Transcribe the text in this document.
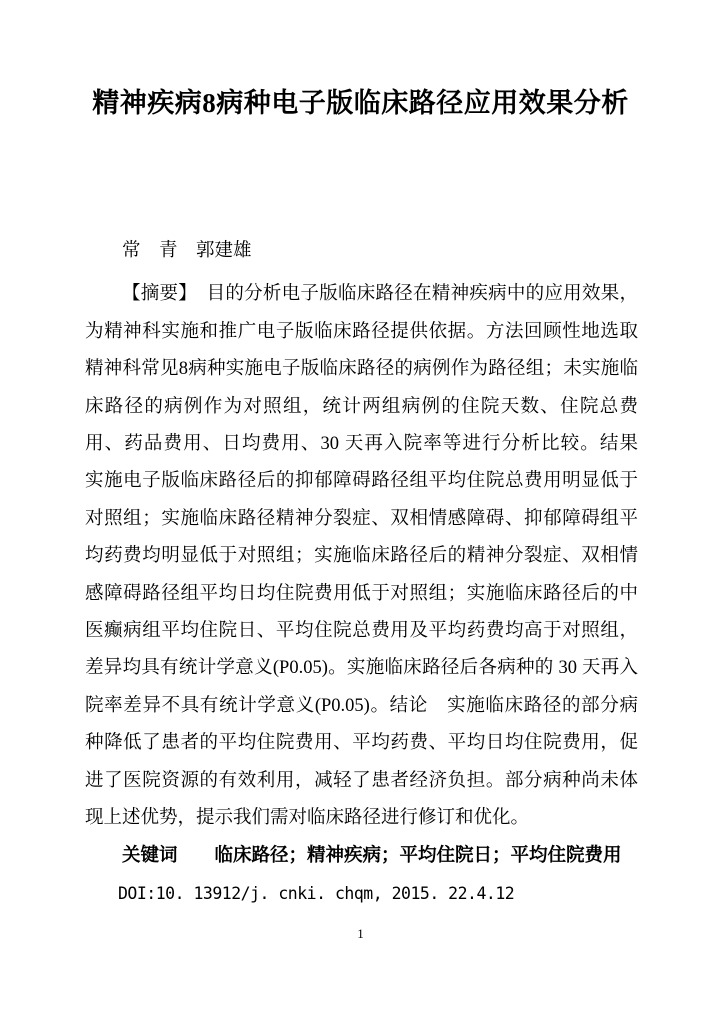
精神疾病8病种电子版临床路径应用效果分析

常　青　郭建雄

【摘要】　目的分析电子版临床路径在精神疾病中的应用效果，为精神科实施和推广电子版临床路径提供依据。方法回顾性地选取精神科常见8病种实施电子版临床路径的病例作为路径组；未实施临床路径的病例作为对照组，统计两组病例的住院天数、住院总费用、药品费用、日均费用、30 天再入院率等进行分析比较。结果　实施电子版临床路径后的抑郁障碍路径组平均住院总费用明显低于对照组；实施临床路径精神分裂症、双相情感障碍、抑郁障碍组平均药费均明显低于对照组；实施临床路径后的精神分裂症、双相情感障碍路径组平均日均住院费用低于对照组；实施临床路径后的中医癫病组平均住院日、平均住院总费用及平均药费均高于对照组，差异均具有统计学意义(P0.05)。实施临床路径后各病种的 30 天再入院率差异不具有统计学意义(P0.05)。结论　实施临床路径的部分病种降低了患者的平均住院费用、平均药费、平均日均住院费用，促进了医院资源的有效利用，减轻了患者经济负担。部分病种尚未体现上述优势，提示我们需对临床路径进行修订和优化。

关键词　　临床路径；精神疾病；平均住院日；平均住院费用

DOI:10. 13912/j. cnki. chqm, 2015. 22.4.12

1
